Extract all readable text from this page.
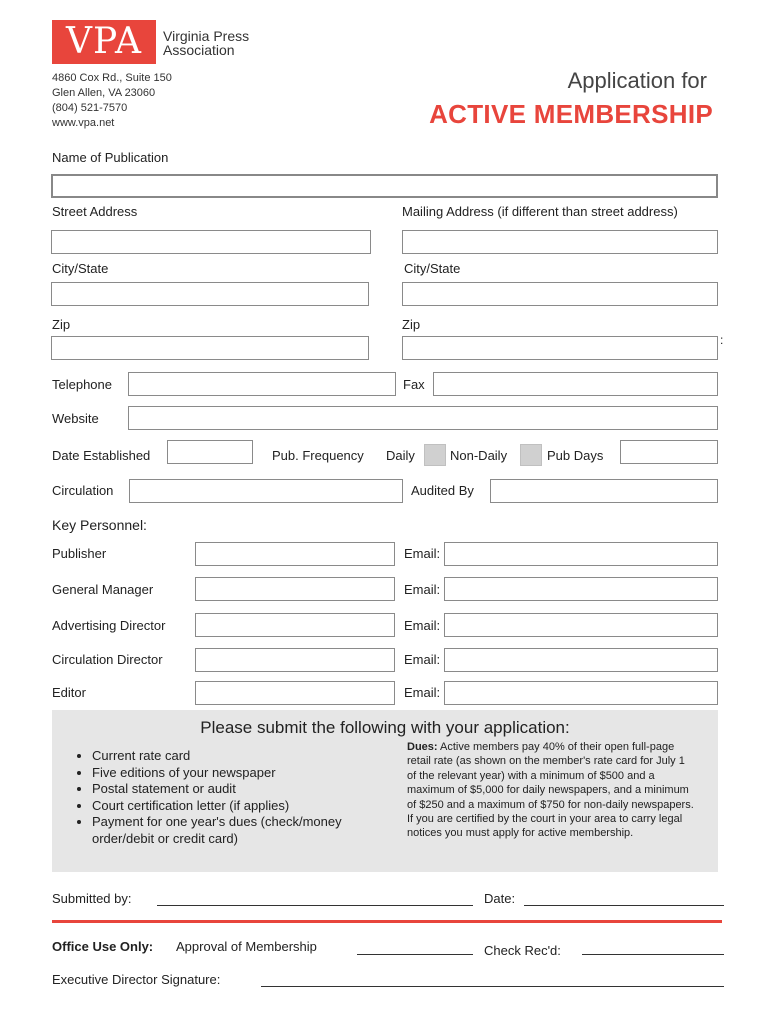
VPA	Virginia Press
Association
4860 Cox Rd., Suite 150
Glen Allen, VA 23060
(804) 521-7570
www.vpa.net
Application for
ACTIVE MEMBERSHIP
Name of Publication
Street Address	Mailing Address (if different than street address)
City/State	City/State
Zip	Zip
:
Telephone	Fax
Website
Date Established	Pub. Frequency Daily	Non-Daily	Pub Days
Circulation	Audited By
Key Personnel:
Publisher	Email:
General Manager	Email:
Advertising Director	Email:
Circulation Director	Email:
Editor	Email:
Please submit the following with your application:
• Current rate card
• Five editions of your newspaper
• Postal statement or audit
• Court certification letter (if applies)
• Payment for one year's dues (check/money order/debit or credit card)
Dues: Active members pay 40% of their open full-page retail rate (as shown on the member's rate card for July 1 of the relevant year) with a minimum of $500 and a maximum of $5,000 for daily newspapers, and a minimum of $250 and a maximum of $750 for non-daily newspapers. If you are certified by the court in your area to carry legal notices you must apply for active membership.
Submitted by:	Date:
Office Use Only: Approval of Membership	Check Rec'd:
Executive Director Signature:
